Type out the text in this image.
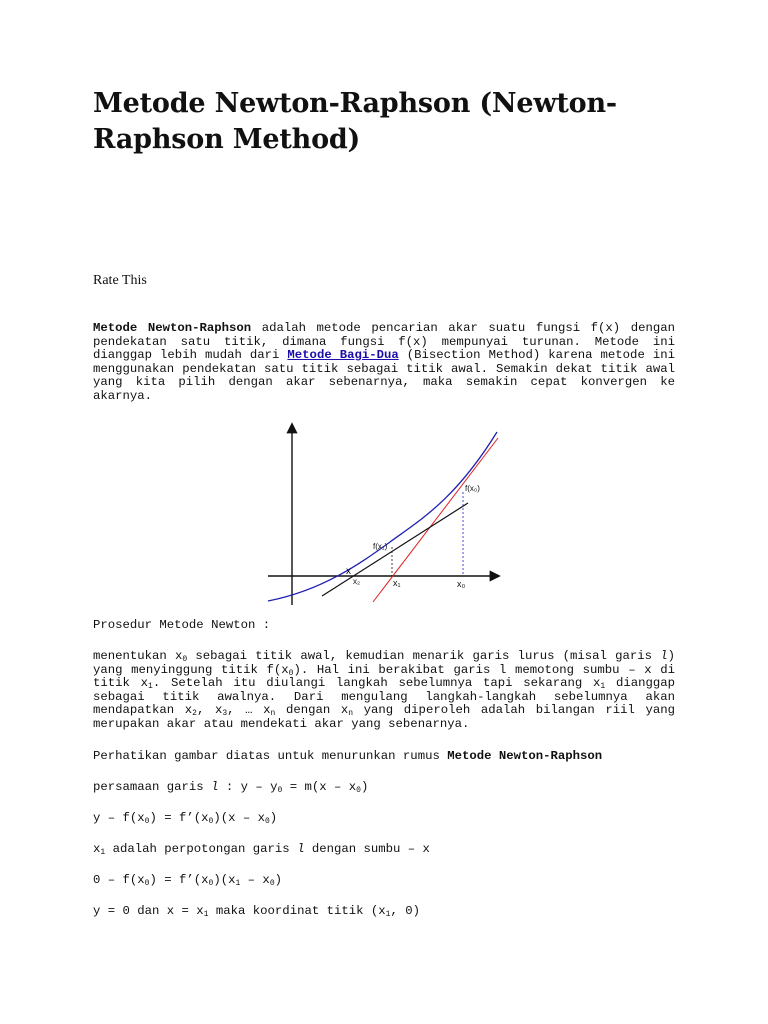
Metode Newton-Raphson (Newton-Raphson Method)
Rate This

Metode Newton-Raphson adalah metode pencarian akar suatu fungsi f(x) dengan pendekatan satu titik, dimana fungsi f(x) mempunyai turunan. Metode ini dianggap lebih mudah dari Metode Bagi-Dua (Bisection Method) karena metode ini menggunakan pendekatan satu titik sebagai titik awal. Semakin dekat titik awal yang kita pilih dengan akar sebenarnya, maka semakin cepat konvergen ke akarnya.

Prosedur Metode Newton :

menentukan $x_0$ sebagai titik awal, kemudian menarik garis lurus (misal garis l) yang menyinggung titik $f(x_0)$. Hal ini berakibat garis l memotong sumbu – x di titik $x_1$. Setelah itu diulangi langkah sebelumnya tapi sekarang $x_1$ dianggap sebagai titik awalnya. Dari mengulang langkah-langkah sebelumnya akan mendapatkan $x_2$, $x_3$, … $x_n$ dengan $x_n$ yang diperoleh adalah bilangan riil yang merupakan akar atau mendekati akar yang sebenarnya.

Perhatikan gambar diatas untuk menurunkan rumus Metode Newton-Raphson

persamaan garis l : $y - y_0 = m(x - x_0)$

y – $f(x_0)$ = $f’(x_0)(x - x_0)$

$x_1$ adalah perpotongan garis l dengan sumbu – x

$0 - f(x_0)$ = $f’(x_0)(x_1 - x_0)$

y = 0 dan $x = x_1$ maka koordinat titik ($x_1$, 0)

f(x₀)
f(x₁)
x
x₂	x₁	x₀
